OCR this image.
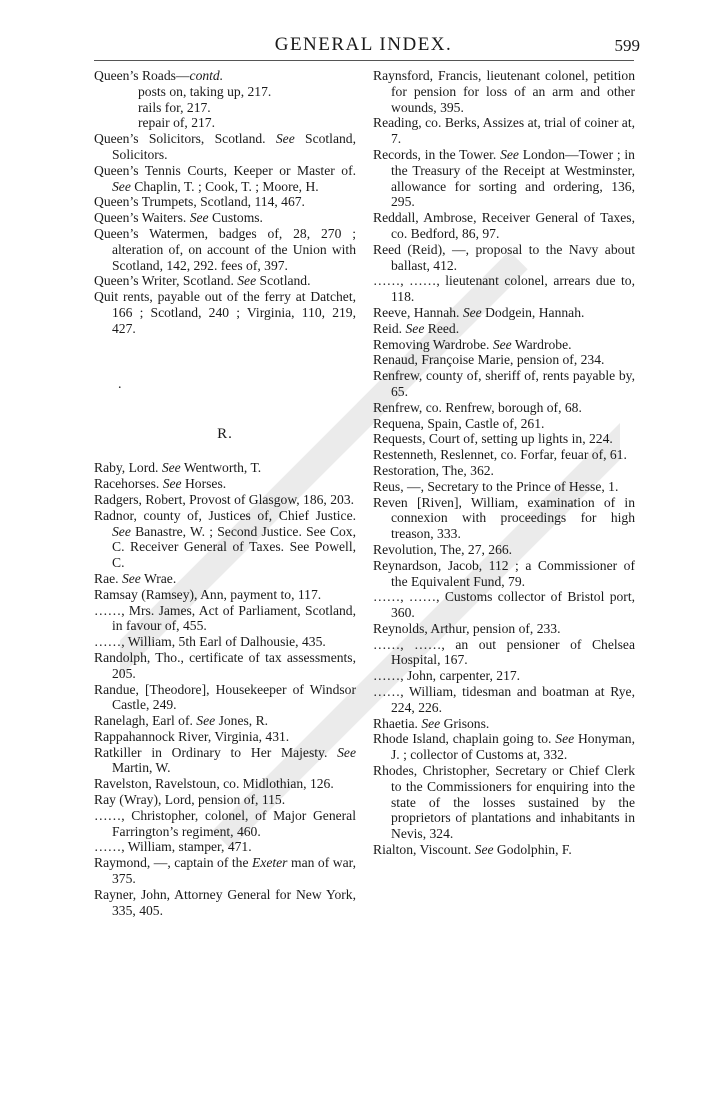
GENERAL INDEX.	599

Queen’s Roads—contd.

posts on, taking up, 217.

rails for, 217.

repair of, 217.

Queen’s Solicitors, Scotland. See Scotland, Solicitors.

Queen’s Tennis Courts, Keeper or Master of. See Chaplin, T. ; Cook, T. ; Moore, H.

Queen’s Trumpets, Scotland, 114, 467.

Queen’s Waiters. See Customs.

Queen’s Watermen, badges of, 28, 270 ; alteration of, on account of the Union with Scotland, 142, 292. fees of, 397.

Queen’s Writer, Scotland. See Scotland.

Quit rents, payable out of the ferry at Datchet, 166 ; Scotland, 240 ; Virginia, 110, 219, 427.

.
R.

Raby, Lord. See Wentworth, T.

Racehorses. See Horses.

Radgers, Robert, Provost of Glasgow, 186, 203.

Radnor, county of, Justices of, Chief Justice. See Banastre, W. ; Second Justice. See Cox, C. Receiver General of Taxes. See Powell, C.

Rae. See Wrae.

Ramsay (Ramsey), Ann, payment to, 117.

……, Mrs. James, Act of Parliament, Scotland, in favour of, 455.

……, William, 5th Earl of Dalhousie, 435.

Randolph, Tho., certificate of tax assessments, 205.

Randue, [Theodore], Housekeeper of Windsor Castle, 249.

Ranelagh, Earl of. See Jones, R.

Rappahannock River, Virginia, 431.

Ratkiller in Ordinary to Her Majesty. See Martin, W.

Ravelston, Ravelstoun, co. Midlothian, 126.

Ray (Wray), Lord, pension of, 115.

……, Christopher, colonel, of Major General Farrington’s regiment, 460.

……, William, stamper, 471.

Raymond, —, captain of the Exeter man of war, 375.

Rayner, John, Attorney General for New York, 335, 405.

Raynsford, Francis, lieutenant colonel, petition for pension for loss of an arm and other wounds, 395.

Reading, co. Berks, Assizes at, trial of coiner at, 7.

Records, in the Tower. See London—Tower ; in the Treasury of the Receipt at Westminster, allowance for sorting and ordering, 136, 295.

Reddall, Ambrose, Receiver General of Taxes, co. Bedford, 86, 97.

Reed (Reid), —, proposal to the Navy about ballast, 412.

……, ……, lieutenant colonel, arrears due to, 118.

Reeve, Hannah. See Dodgein, Hannah.

Reid. See Reed.

Removing Wardrobe. See Wardrobe.

Renaud, Françoise Marie, pension of, 234.

Renfrew, county of, sheriff of, rents payable by, 65.

Renfrew, co. Renfrew, borough of, 68.

Requena, Spain, Castle of, 261.

Requests, Court of, setting up lights in, 224.

Restenneth, Reslennet, co. Forfar, feuar of, 61.

Restoration, The, 362.

Reus, —, Secretary to the Prince of Hesse, 1.

Reven [Riven], William, examination of in connexion with proceedings for high treason, 333.

Revolution, The, 27, 266.

Reynardson, Jacob, 112 ; a Commissioner of the Equivalent Fund, 79.

……, ……, Customs collector of Bristol port, 360.

Reynolds, Arthur, pension of, 233.

……, ……, an out pensioner of Chelsea Hospital, 167.

……, John, carpenter, 217.

……, William, tidesman and boatman at Rye, 224, 226.

Rhaetia. See Grisons.

Rhode Island, chaplain going to. See Honyman, J. ; collector of Customs at, 332.

Rhodes, Christopher, Secretary or Chief Clerk to the Commissioners for enquiring into the state of the losses sustained by the proprietors of plantations and inhabitants in Nevis, 324.

Rialton, Viscount. See Godolphin, F.
